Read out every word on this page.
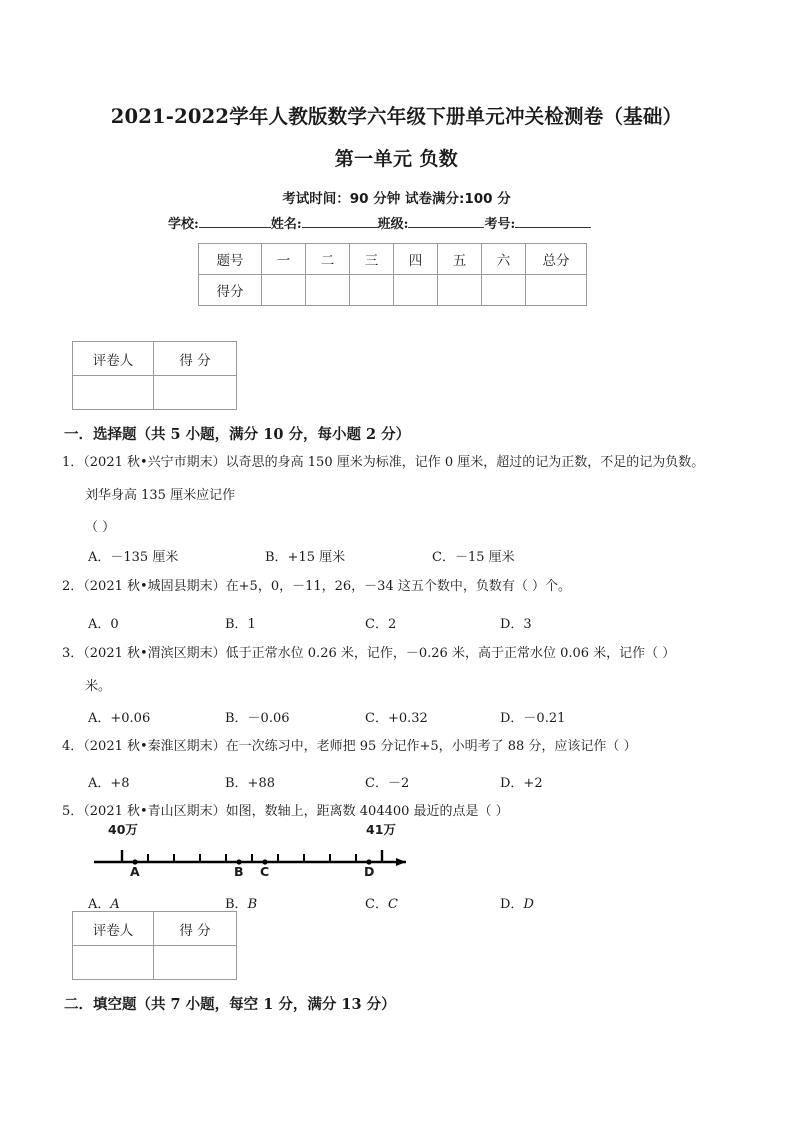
2021-2022学年人教版数学六年级下册单元冲关检测卷（基础）
第一单元 负数
考试时间：90 分钟 试卷满分:100 分
学校:	姓名:	班级:	考号:
题号	一	二	三	四	五	六	总分
得分							
评卷人	得 分

一．选择题（共 5 小题，满分 10 分，每小题 2 分）
1．（2021 秋•兴宁市期末）以奇思的身高 150 厘米为标准，记作 0 厘米，超过的记为正数，不足的记为负数。
刘华身高 135 厘米应记作
（ ）
A．－135 厘米	B．+15 厘米	C．－15 厘米
2．（2021 秋•城固县期末）在+5，0，－11，26，－34 这五个数中，负数有（ ）个。
A．0	B．1	C．2	D．3
3．（2021 秋•渭滨区期末）低于正常水位 0.26 米，记作，－0.26 米，高于正常水位 0.06 米，记作（ ）
米。
A．+0.06	B．－0.06	C．+0.32	D．－0.21
4．（2021 秋•秦淮区期末）在一次练习中，老师把 95 分记作+5，小明考了 88 分，应该记作（ ）
A．+8	B．+88	C．－2	D．+2
5．（2021 秋•青山区期末）如图，数轴上，距离数 404400 最近的点是（ ）
40万	41万
A	B C	D
A．A	B．B	C．C	D．D
评卷人	得 分

二．填空题（共 7 小题，每空 1 分，满分 13 分）
